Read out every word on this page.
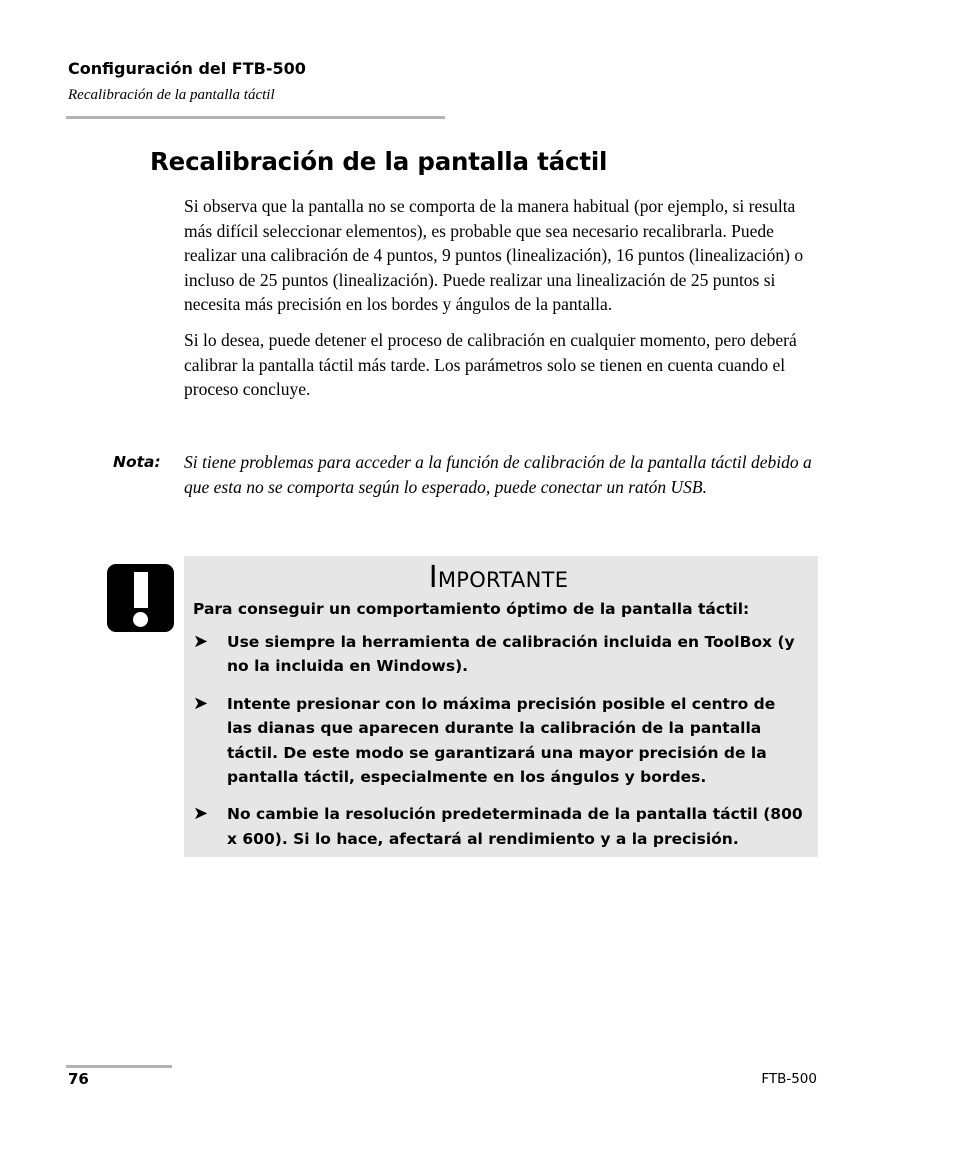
Configuración del FTB-500
Recalibración de la pantalla táctil
Recalibración de la pantalla táctil

Si observa que la pantalla no se comporta de la manera habitual (por ejemplo, si resulta más difícil seleccionar elementos), es probable que sea necesario recalibrarla. Puede realizar una calibración de 4 puntos, 9 puntos (linealización), 16 puntos (linealización) o incluso de 25 puntos (linealización). Puede realizar una linealización de 25 puntos si necesita más precisión en los bordes y ángulos de la pantalla.

Si lo desea, puede detener el proceso de calibración en cualquier momento, pero deberá calibrar la pantalla táctil más tarde. Los parámetros solo se tienen en cuenta cuando el proceso concluye.

Nota: Si tiene problemas para acceder a la función de calibración de la pantalla táctil debido a que esta no se comporta según lo esperado, puede conectar un ratón USB.
Importante

Para conseguir un comportamiento óptimo de la pantalla táctil:

➤ Use siempre la herramienta de calibración incluida en ToolBox (y no la incluida en Windows).
➤ Intente presionar con lo máxima precisión posible el centro de las dianas que aparecen durante la calibración de la pantalla táctil. De este modo se garantizará una mayor precisión de la pantalla táctil, especialmente en los ángulos y bordes.
➤ No cambie la resolución predeterminada de la pantalla táctil (800 x 600). Si lo hace, afectará al rendimiento y a la precisión.
76	FTB-500
